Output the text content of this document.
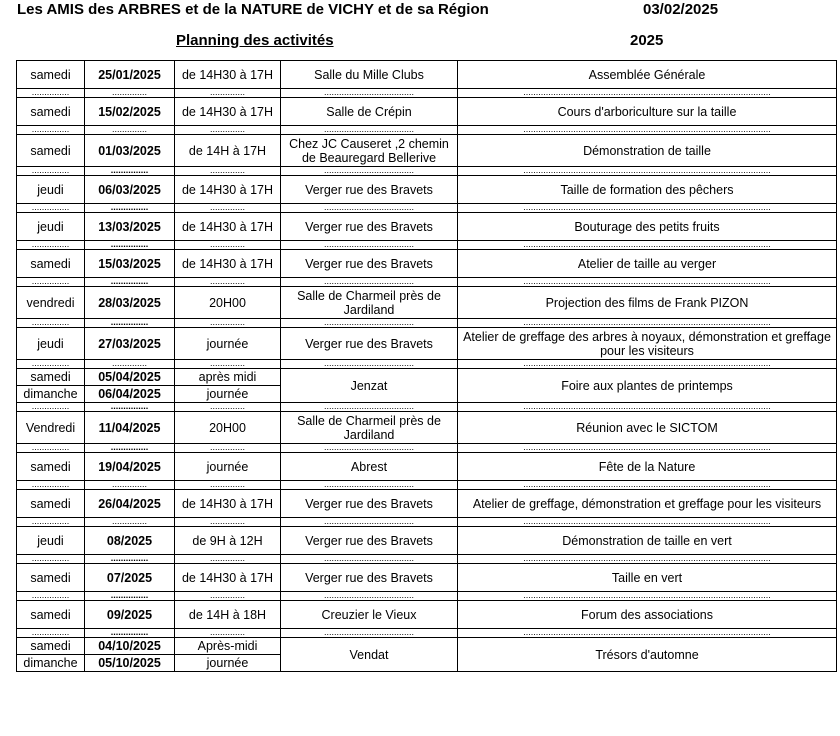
Les AMIS des ARBRES et de la NATURE de VICHY et de sa Région	03/02/2025
Planning des activités	2025
samedi	25/01/2025	de 14H30 à 17H	Salle du Mille Clubs	Assemblée Générale
...............	..............	..............	....................................	...................................................................................................
samedi	15/02/2025	de 14H30 à 17H	Salle de Crépin	Cours d'arboriculture sur la taille
...............	..............	..............	....................................	...................................................................................................
samedi	01/03/2025	de 14H à 17H	Chez JC Causeret ,2 chemin de Beauregard Bellerive	Démonstration de taille
...............	...............	..............	....................................	...................................................................................................
jeudi	06/03/2025	de 14H30 à 17H	Verger rue des Bravets	Taille de formation des pêchers
...............	...............	..............	....................................	...................................................................................................
jeudi	13/03/2025	de 14H30 à 17H	Verger rue des Bravets	Bouturage des petits fruits
...............	...............	..............	....................................	...................................................................................................
samedi	15/03/2025	de 14H30 à 17H	Verger rue des Bravets	Atelier de taille au verger
...............	...............	..............	....................................	...................................................................................................
vendredi	28/03/2025	20H00	Salle de Charmeil près de Jardiland	Projection des films de Frank PIZON
...............	...............	..............	....................................	...................................................................................................
jeudi	27/03/2025	journée	Verger rue des Bravets	Atelier de greffage des arbres à noyaux, démonstration et greffage pour les visiteurs
...............	..............	..............	....................................	...................................................................................................
samedi	05/04/2025	après midi	Jenzat	Foire aux plantes de printemps
dimanche	06/04/2025	journée		
...............	...............	..............	....................................	...................................................................................................
Vendredi	11/04/2025	20H00	Salle de Charmeil près de Jardiland	Réunion avec le SICTOM
...............	...............	..............	....................................	...................................................................................................
samedi	19/04/2025	journée	Abrest	Fête de la Nature
...............	..............	..............	....................................	...................................................................................................
samedi	26/04/2025	de 14H30 à 17H	Verger rue des Bravets	Atelier de greffage, démonstration et greffage pour les visiteurs
...............	..............	..............	....................................	...................................................................................................
jeudi	08/2025	de 9H à 12H	Verger rue des Bravets	Démonstration de taille en vert
...............	...............	..............	....................................	...................................................................................................
samedi	07/2025	de 14H30 à 17H	Verger rue des Bravets	Taille en vert
...............	...............	..............	....................................	...................................................................................................
samedi	09/2025	de 14H à 18H	Creuzier le Vieux	Forum des associations
...............	...............	..............	....................................	...................................................................................................
samedi	04/10/2025	Après-midi	Vendat	Trésors d'automne
dimanche	05/10/2025	journée		
